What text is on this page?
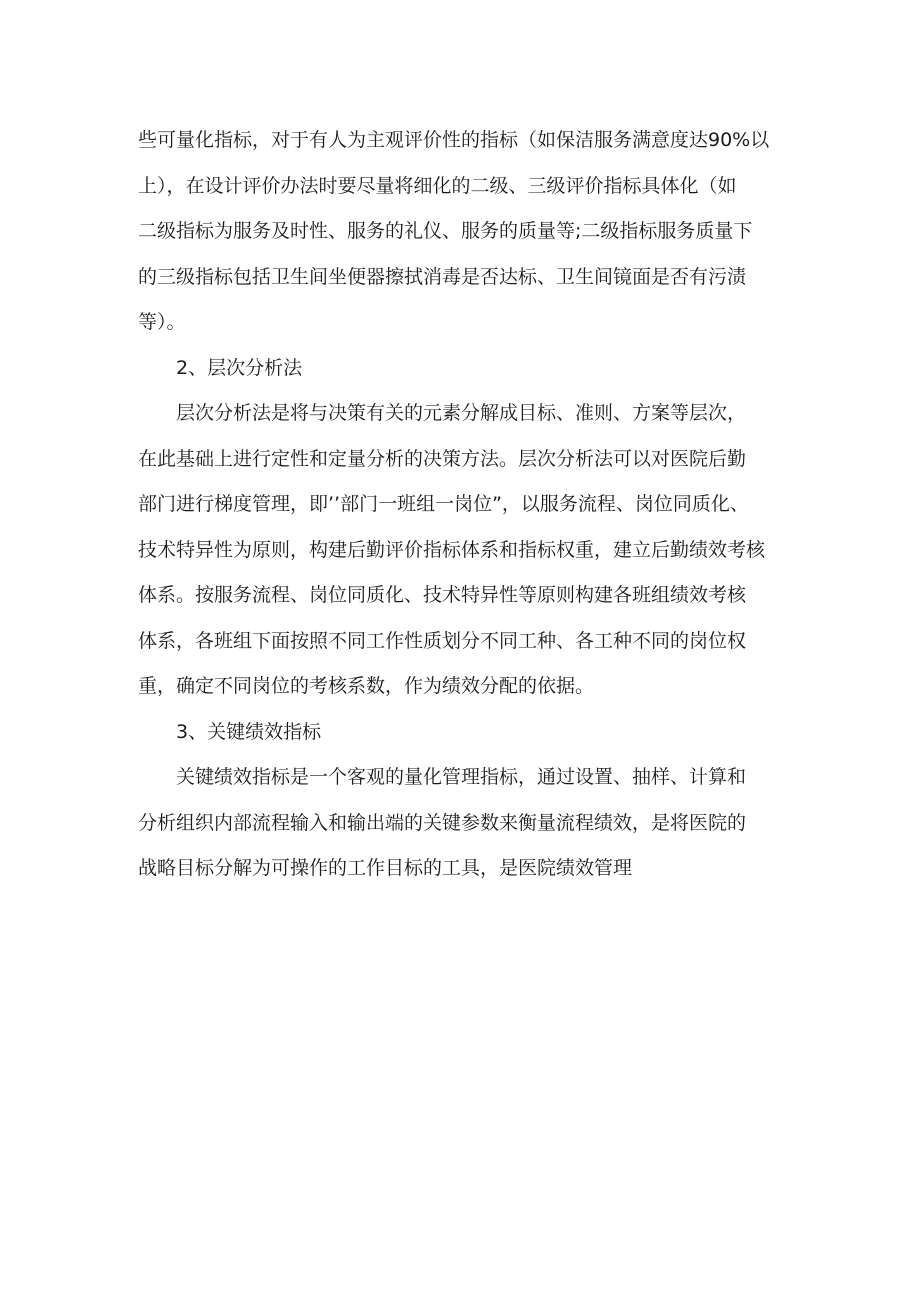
些可量化指标，对于有人为主观评价性的指标（如保洁服务满意度达90%以
上），在设计评价办法时要尽量将细化的二级、三级评价指标具体化（如
二级指标为服务及时性、服务的礼仪、服务的质量等;二级指标服务质量下
的三级指标包括卫生间坐便器擦拭消毒是否达标、卫生间镜面是否有污渍
等）。

2、层次分析法

层次分析法是将与决策有关的元素分解成目标、准则、方案等层次，
在此基础上进行定性和定量分析的决策方法。层次分析法可以对医院后勤
部门进行梯度管理，即’’部门一班组一岗位”，以服务流程、岗位同质化、
技术特异性为原则，构建后勤评价指标体系和指标权重，建立后勤绩效考核
体系。按服务流程、岗位同质化、技术特异性等原则构建各班组绩效考核
体系，各班组下面按照不同工作性质划分不同工种、各工种不同的岗位权
重，确定不同岗位的考核系数，作为绩效分配的依据。

3、关键绩效指标

关键绩效指标是一个客观的量化管理指标，通过设置、抽样、计算和
分析组织内部流程输入和输出端的关键参数来衡量流程绩效，是将医院的
战略目标分解为可操作的工作目标的工具，是医院绩效管理
